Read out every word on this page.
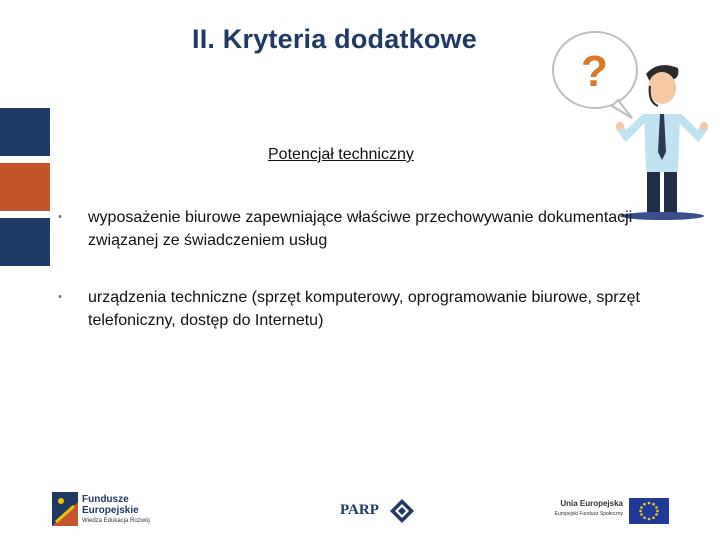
II. Kryteria dodatkowe
?
Potencjał techniczny
• wyposażenie biurowe zapewniające właściwe przechowywanie dokumentacji związanej ze świadczeniem usług
• urządzenia techniczne (sprzęt komputerowy, oprogramowanie biurowe, sprzęt telefoniczny, dostęp do Internetu)
Fundusze
Europejskie
Wiedza Edukacja Rozwój
PARP	Unia Europejska
Europejski Fundusz Społeczny
